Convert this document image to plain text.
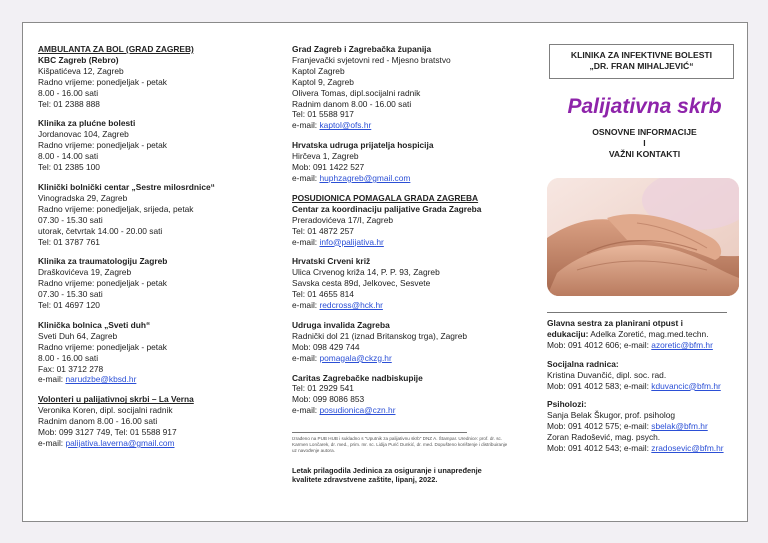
AMBULANTA ZA BOL (GRAD ZAGREB)
KBC Zagreb (Rebro)
Kišpatićeva 12, Zagreb
Radno vrijeme: ponedjeljak - petak
8.00 - 16.00 sati
Tel: 01 2388 888
Klinika za plućne bolesti
Jordanovac 104, Zagreb
Radno vrijeme: ponedjeljak - petak
8.00 - 14.00 sati
Tel: 01 2385 100
Klinički bolnički centar „Sestre milosrdnice“
Vinogradska 29, Zagreb
Radno vrijeme: ponedjeljak, srijeda, petak
07.30 - 15.30 sati
utorak, četvrtak 14.00 - 20.00 sati
Tel: 01 3787 761
Klinika za traumatologiju Zagreb
Draškovićeva 19, Zagreb
Radno vrijeme: ponedjeljak - petak
07.30 - 15.30 sati
Tel: 01 4697 120
Klinička bolnica „Sveti duh“
Sveti Duh 64, Zagreb
Radno vrijeme: ponedjeljak - petak
8.00 - 16.00 sati
Fax: 01 3712 278
e-mail: narudzbe@kbsd.hr
Volonteri u palijativnoj skrbi – La Verna
Veronika Koren, dipl. socijalni radnik
Radnim danom 8.00 - 16.00 sati
Mob: 099 3127 749, Tel: 01 5588 917
e-mail: palijativa.laverna@gmail.com
Grad Zagreb i Zagrebačka županija
Franjevački svjetovni red - Mjesno bratstvo
Kaptol Zagreb
Kaptol 9, Zagreb
Olivera Tomas, dipl.socijalni radnik
Radnim danom 8.00 - 16.00 sati
Tel: 01 5588 917
e-mail: kaptol@ofs.hr
Hrvatska udruga prijatelja hospicija
Hirčeva 1, Zagreb
Mob: 091 1422 527
e-mail: huphzagreb@gmail.com
POSUDIONICA POMAGALA GRADA ZAGREBA
Centar za koordinaciju palijative Grada Zagreba
Preradovićeva 17/I, Zagreb
Tel: 01 4872 257
e-mail: info@palijativa.hr
Hrvatski Crveni križ
Ulica Crvenog križa 14, P. P. 93, Zagreb
Savska cesta 89d, Jelkovec, Sesvete
Tel: 01 4655 814
e-mail: redcross@hck.hr
Udruga invalida Zagreba
Radnički dol 21 (iznad Britanskog trga), Zagreb
Mob: 098 429 744
e-mail: pomagala@ckzg.hr
Caritas Zagrebačke nadbiskupije
Tel: 01 2929 541
Mob: 099 8086 853
e-mail: posudionica@czn.hr
Izrađeno na PUB HUB i sukladno s "Uputnik za palijativnu skrb" DNZ A. Štampar. Urednice: prof. dr. sc. Karmen Lončarek, dr. med., prim. mr. sc. Lidija Purić Dunkić, dr. med. Dopušteno korištenje i distribuiranje uz navođenje autora.
Letak prilagodila Jedinica za osiguranje i unapređenje kvalitete zdravstvene zaštite, lipanj, 2022.
KLINIKA ZA INFEKTIVNE BOLESTI
„DR. FRAN MIHALJEVIĆ“
Palijativna skrb
OSNOVNE INFORMACIJE
I
VAŽNI KONTAKTI
Glavna sestra za planirani otpust i
edukaciju: Adelka Zoretić, mag.med.techn.
Mob: 091 4012 606; e-mail: azoretic@bfm.hr
Socijalna radnica:
Kristina Duvančić, dipl. soc. rad.
Mob: 091 4012 583; e-mail: kduvancic@bfm.hr
Psiholozi:
Sanja Belak Škugor, prof. psiholog
Mob: 091 4012 575; e-mail: sbelak@bfm.hr
Zoran Radošević, mag. psych.
Mob: 091 4012 543; e-mail: zradosevic@bfm.hr
